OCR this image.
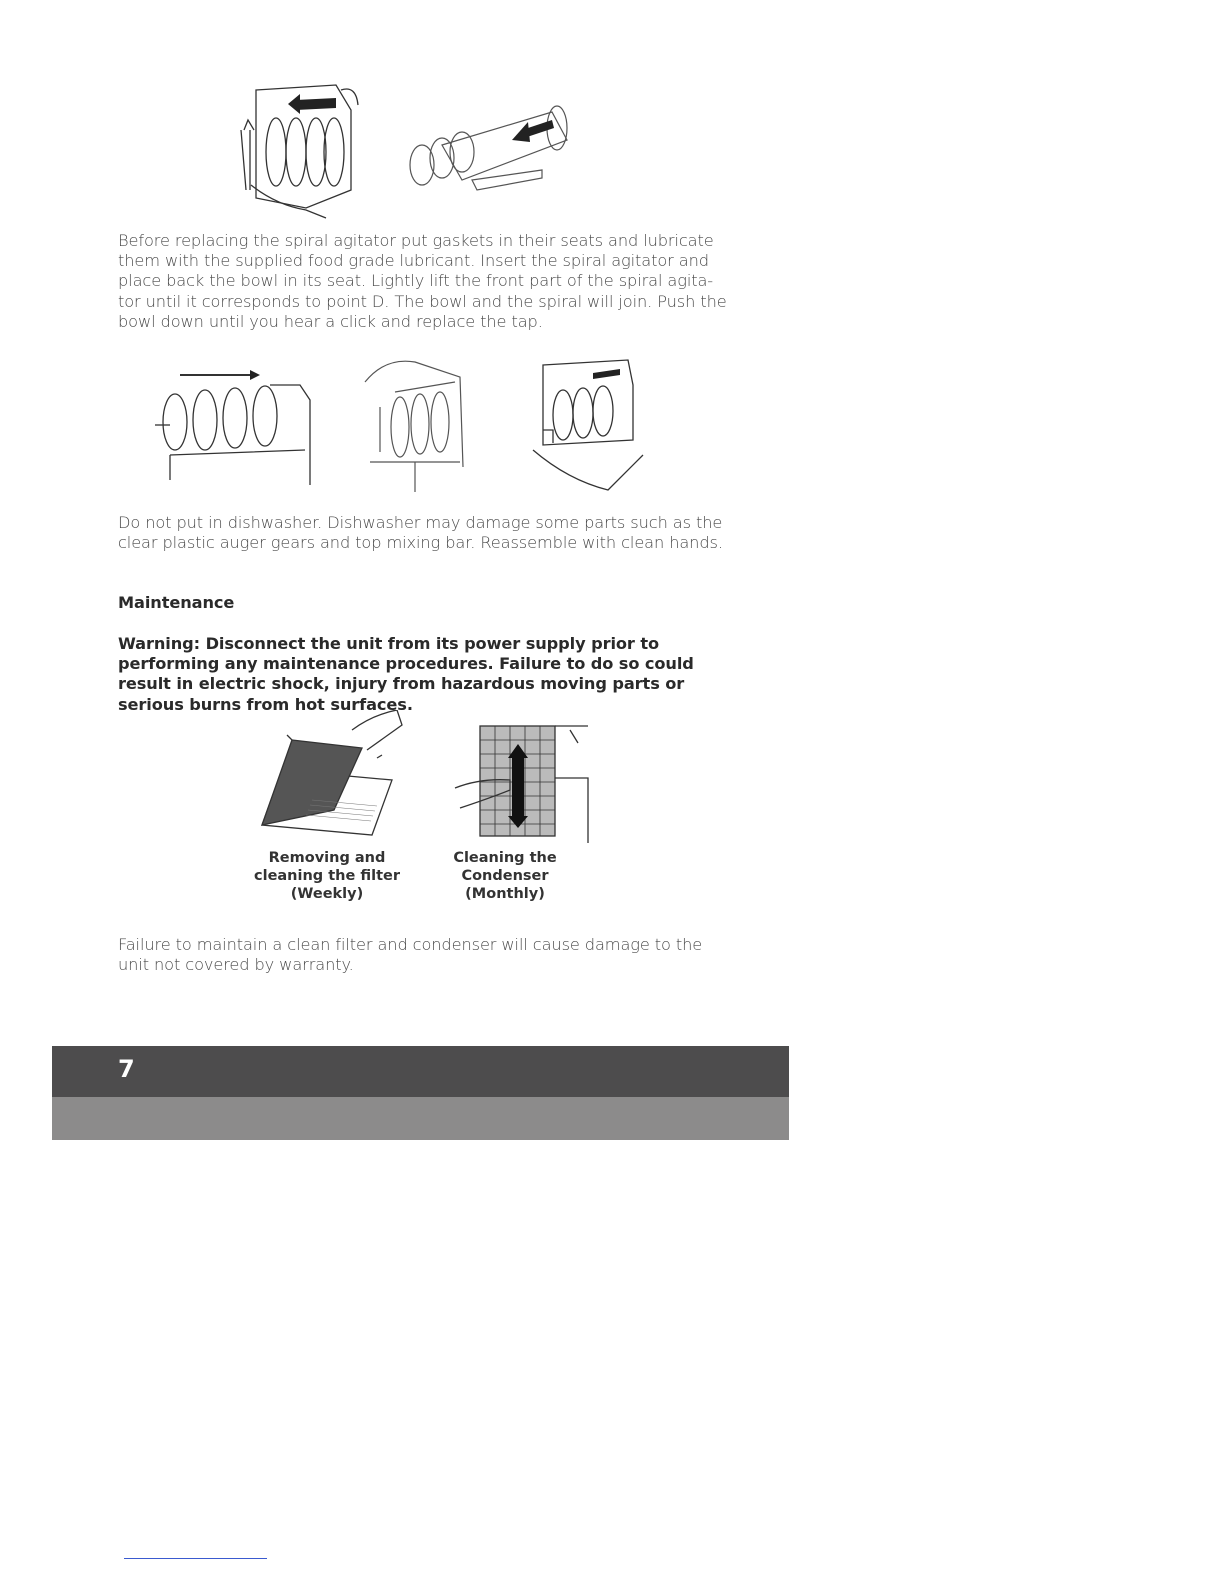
Before replacing the spiral agitator put gaskets in their seats and lubricate them with the supplied food grade lubricant. Insert the spiral agitator and place back the bowl in its seat. Lightly lift the front part of the spiral agita-tor until it corresponds to point D. The bowl and the spiral will join. Push the bowl down until you hear a click and replace the tap.
Do not put in dishwasher. Dishwasher may damage some parts such as the clear plastic auger gears and top mixing bar. Reassemble with clean hands.
Maintenance
Warning: Disconnect the unit from its power supply prior to performing any maintenance procedures. Failure to do so could result in electric shock, injury from hazardous moving parts or serious burns from hot surfaces.
Removing and cleaning the filter (Weekly)
Cleaning the Condenser (Monthly)
Failure to maintain a clean filter and condenser will cause damage to the unit not covered by warranty.
7
